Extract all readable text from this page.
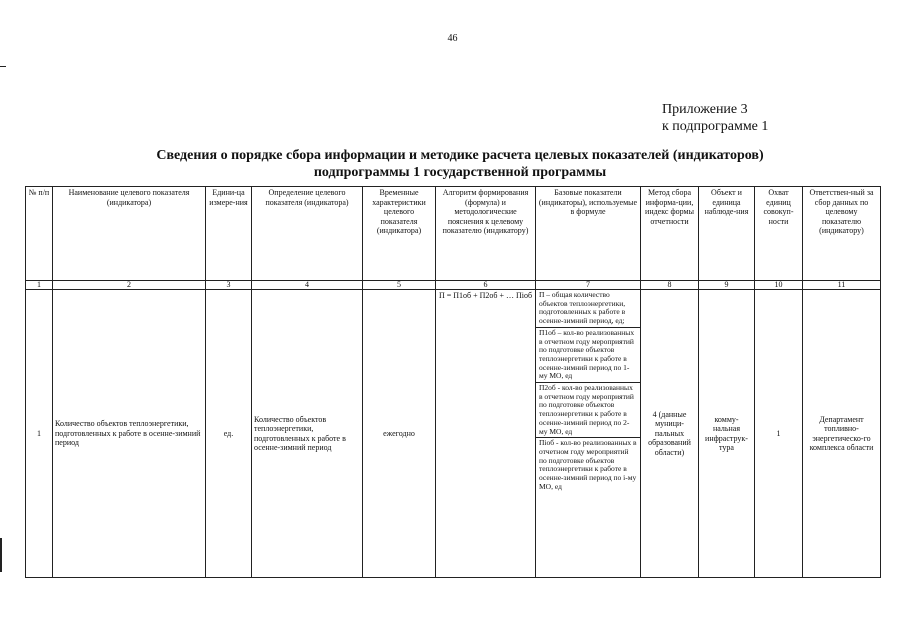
46
Приложение 3
к подпрограмме 1
Сведения о порядке сбора информации и методике расчета целевых показателей (индикаторов)
подпрограммы 1 государственной программы
№ п/п	Наименование целевого показателя (индикатора)	Едини-ца измере-ния	Определение целевого показателя (индикатора)	Временные характеристики целевого показателя (индикатора)	Алгоритм формирования (формула) и методологические пояснения к целевому показателю (индикатору)	Базовые показатели (индикаторы), используемые в формуле	Метод сбора информа-ции, индекс формы отчетности	Объект и единица наблюде-ния	Охват единиц совокуп-ности	Ответствен-ный за сбор данных по целевому показателю (индикатору)
1	2	3	4	5	6	7	8	9	10	11
1	Количество объектов теплоэнергетики, подготовленных к работе в осенне-зимний период	ед.	Количество объектов теплоэнергетики, подготовленных к работе в осенне-зимний период	ежегодно	П = П1об + П2об + … Піоб	П – общая количество объектов теплоэнергетики, подготовленных к работе в осенне-зимний период, ед;
П1об – кол-во реализованных в отчетном году мероприятий по подготовке объектов теплоэнергетики к работе в осенне-зимний период по 1-му МО, ед
П2об - кол-во реализованных в отчетном году мероприятий по подготовке объектов теплоэнергетики к работе в осенне-зимний период по 2-му МО, ед
Піоб - кол-во реализованных в отчетном году мероприятий по подготовке объектов теплоэнергетики к работе в осенне-зимний период по і-му МО, ед	4 (данные муници-пальных образований области)	комму-нальная инфраструк-тура	1	Департамент топливно-энергетическо-го комплекса области
